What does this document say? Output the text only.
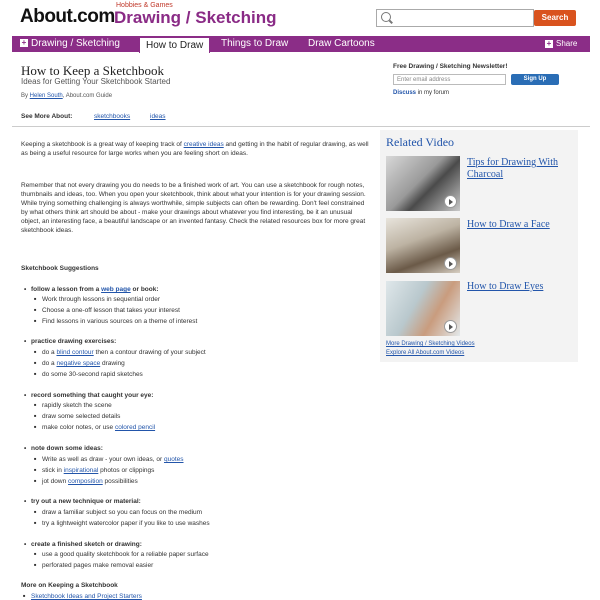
About.com
Hobbies & Games
Drawing / Sketching	Search
+ Drawing / Sketching	How to Draw	Things to Draw Draw Cartoons	+ Share
How to Keep a Sketchbook
Ideas for Getting Your Sketchbook Started
By Helen South, About.com Guide
See More About:	sketchbooks	ideas
Free Drawing / Sketching Newsletter!
Enter email address	Sign Up
Discuss in my forum
Keeping a sketchbook is a great way of keeping track of creative ideas and getting in the habit of regular drawing, as well as being a useful resource for large works when you are feeling short on ideas.
Remember that not every drawing you do needs to be a finished work of art. You can use a sketchbook for rough notes, thumbnails and ideas, too. When you open your sketchbook, think about what your intention is for your drawing session. While trying something challenging is always worthwhile, simple subjects can often be rewarding. Don't feel constrained by what others think art should be about - make your drawings about whatever you find interesting, be it an unusual object, an interesting face, a beautiful landscape or an invented fantasy. Check the related resources box for more great sketchbook ideas.
Sketchbook Suggestions
• follow a lesson from a web page or book:
■ Work through lessons in sequential order
■ Choose a one-off lesson that takes your interest
■ Find lessons in various sources on a theme of interest
• practice drawing exercises:
■ do a blind contour then a contour drawing of your subject
■ do a negative space drawing
■ do some 30-second rapid sketches
• record something that caught your eye:
■ rapidly sketch the scene
■ draw some selected details
■ make color notes, or use colored pencil
• note down some ideas:
■ Write as well as draw - your own ideas, or quotes
■ stick in inspirational photos or clippings
■ jot down composition possibilities
• try out a new technique or material:
■ draw a familiar subject so you can focus on the medium
■ try a lightweight watercolor paper if you like to use washes
• create a finished sketch or drawing:
■ use a good quality sketchbook for a reliable paper surface
■ perforated pages make removal easier
More on Keeping a Sketchbook
■ Sketchbook Ideas and Project Starters
Related Video
Tips for Drawing With Charcoal
How to Draw a Face
How to Draw Eyes
More Drawing / Sketching Videos
Explore All About.com Videos
